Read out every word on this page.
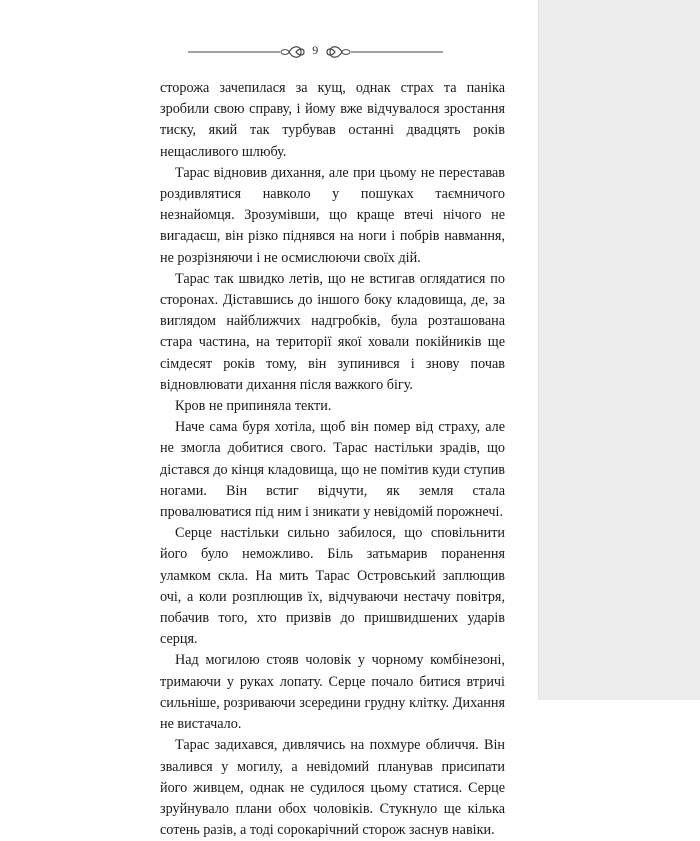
9

сторожа зачепилася за кущ, однак страх та паніка зробили свою справу, і йому вже відчувалося зростання тиску, який так турбував останні двадцять років нещасливого шлюбу.

Тарас відновив дихання, але при цьому не переставав роздивлятися навколо у пошуках таємничого незнайомця. Зрозумівши, що краще втечі нічого не вигадаєш, він різко піднявся на ноги і побрів навмання, не розрізняючи і не осмислюючи своїх дій.

Тарас так швидко летів, що не встигав оглядатися по сторонах. Діставшись до іншого боку кладовища, де, за виглядом найближчих надгробків, була розташована стара частина, на території якої ховали покійників ще сімдесят років тому, він зупинився і знову почав відновлювати дихання після важкого бігу.

Кров не припиняла текти.

Наче сама буря хотіла, щоб він помер від страху, але не змогла добитися свого. Тарас настільки зрадів, що дістався до кінця кладовища, що не помітив куди ступив ногами. Він встиг відчути, як земля стала провалюватися під ним і зникати у невідомій порожнечі.

Серце настільки сильно забилося, що сповільнити його було неможливо. Біль затьмарив поранення уламком скла. На мить Тарас Островський заплющив очі, а коли розплющив їх, відчуваючи нестачу повітря, побачив того, хто призвів до пришвидшених ударів серця.

Над могилою стояв чоловік у чорному комбінезоні, тримаючи у руках лопату. Серце почало битися втричі сильніше, розриваючи зсередини грудну клітку. Дихання не вистачало.

Тарас задихався, дивлячись на похмуре обличчя. Він звалився у могилу, а невідомий планував присипати його живцем, однак не судилося цьому статися. Серце зруйнувало плани обох чоловіків. Стукнуло ще кілька сотень разів, а тоді сорокарічний сторож заснув навіки.
